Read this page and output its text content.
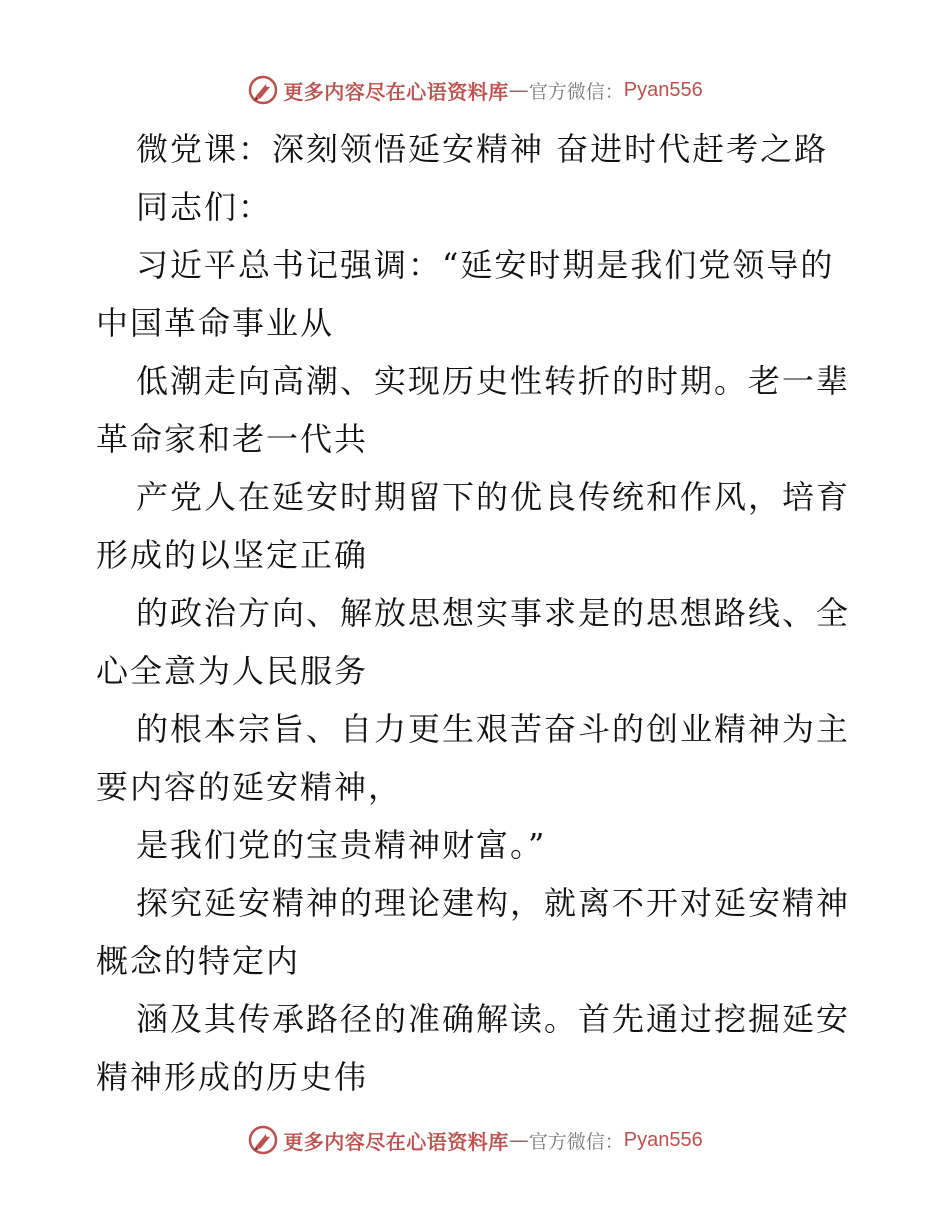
更多内容尽在心语资料库 — 官方微信： Pyan556
微党课：深刻领悟延安精神 奋进时代赶考之路
同志们：
习近平总书记强调：“延安时期是我们党领导的
中国革命事业从
低潮走向高潮、实现历史性转折的时期。老一辈
革命家和老一代共
产党人在延安时期留下的优良传统和作风，培育
形成的以坚定正确
的政治方向、解放思想实事求是的思想路线、全
心全意为人民服务
的根本宗旨、自力更生艰苦奋斗的创业精神为主
要内容的延安精神，
是我们党的宝贵精神财富。”
探究延安精神的理论建构，就离不开对延安精神
概念的特定内
涵及其传承路径的准确解读。首先通过挖掘延安
精神形成的历史伟
更多内容尽在心语资料库 — 官方微信： Pyan556
